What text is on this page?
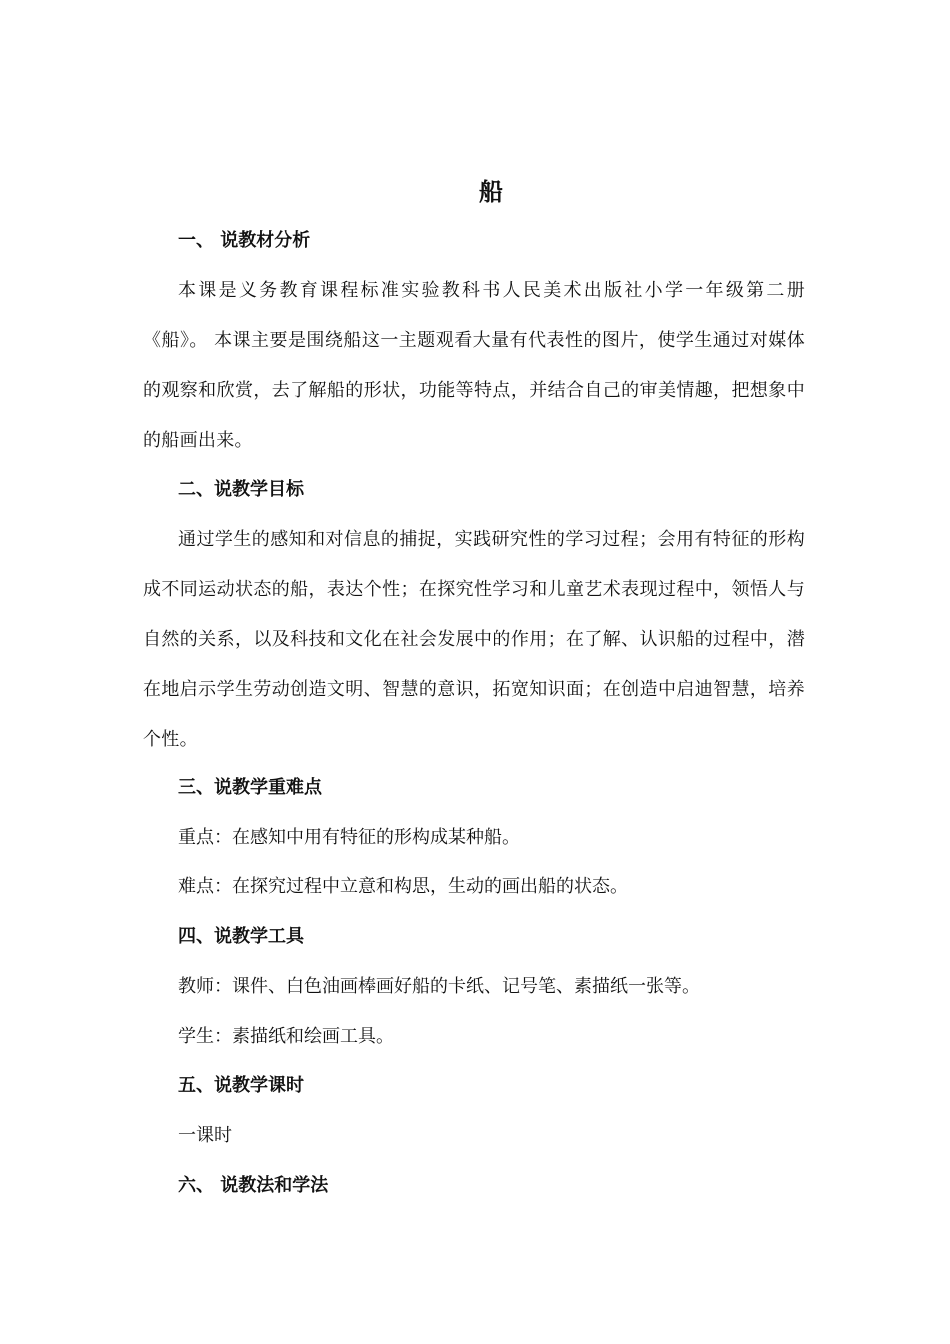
船
一、 说教材分析
本课是义务教育课程标准实验教科书人民美术出版社小学一年级第二册《船》。 本课主要是围绕船这一主题观看大量有代表性的图片，使学生通过对媒体的观察和欣赏，去了解船的形状，功能等特点，并结合自己的审美情趣，把想象中的船画出来。
二、说教学目标
通过学生的感知和对信息的捕捉，实践研究性的学习过程；会用有特征的形构成不同运动状态的船，表达个性；在探究性学习和儿童艺术表现过程中，领悟人与自然的关系，以及科技和文化在社会发展中的作用；在了解、认识船的过程中，潜在地启示学生劳动创造文明、智慧的意识，拓宽知识面；在创造中启迪智慧，培养个性。
三、说教学重难点
重点：在感知中用有特征的形构成某种船。
难点：在探究过程中立意和构思，生动的画出船的状态。
四、说教学工具
教师：课件、白色油画棒画好船的卡纸、记号笔、素描纸一张等。
学生：素描纸和绘画工具。
五、说教学课时
一课时
六、 说教法和学法
